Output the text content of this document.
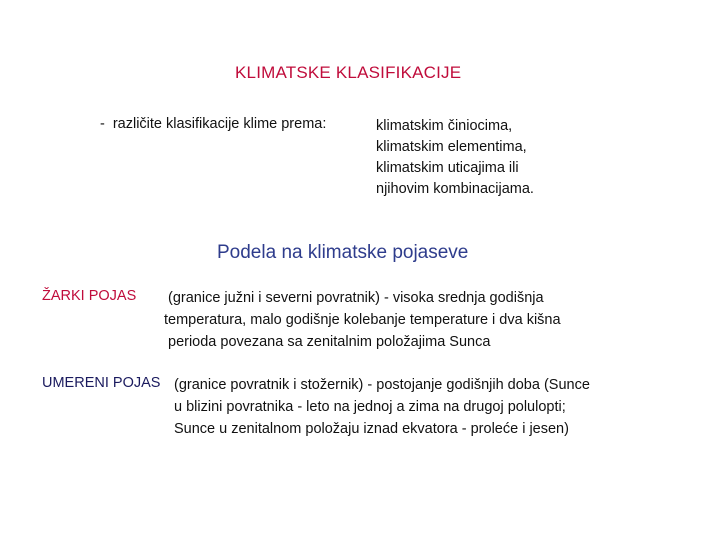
KLIMATSKE KLASIFIKACIJE
- različite klasifikacije klime prema:	klimatskim činiocima,
klimatskim elementima,
klimatskim uticajima ili
njihovim kombinacijama.
Podela na klimatske pojaseve
ŽARKI POJAS (granice južni i severni povratnik) - visoka srednja godišnja
temperatura, malo godišnje kolebanje temperature i dva kišna
perioda povezana sa zenitalnim položajima Sunca
UMERENI POJAS (granice povratnik i stožernik) - postojanje godišnjih doba (Sunce
u blizini povratnika - leto na jednoj a zima na drugoj polulopti;
Sunce u zenitalnom položaju iznad ekvatora - proleće i jesen)
